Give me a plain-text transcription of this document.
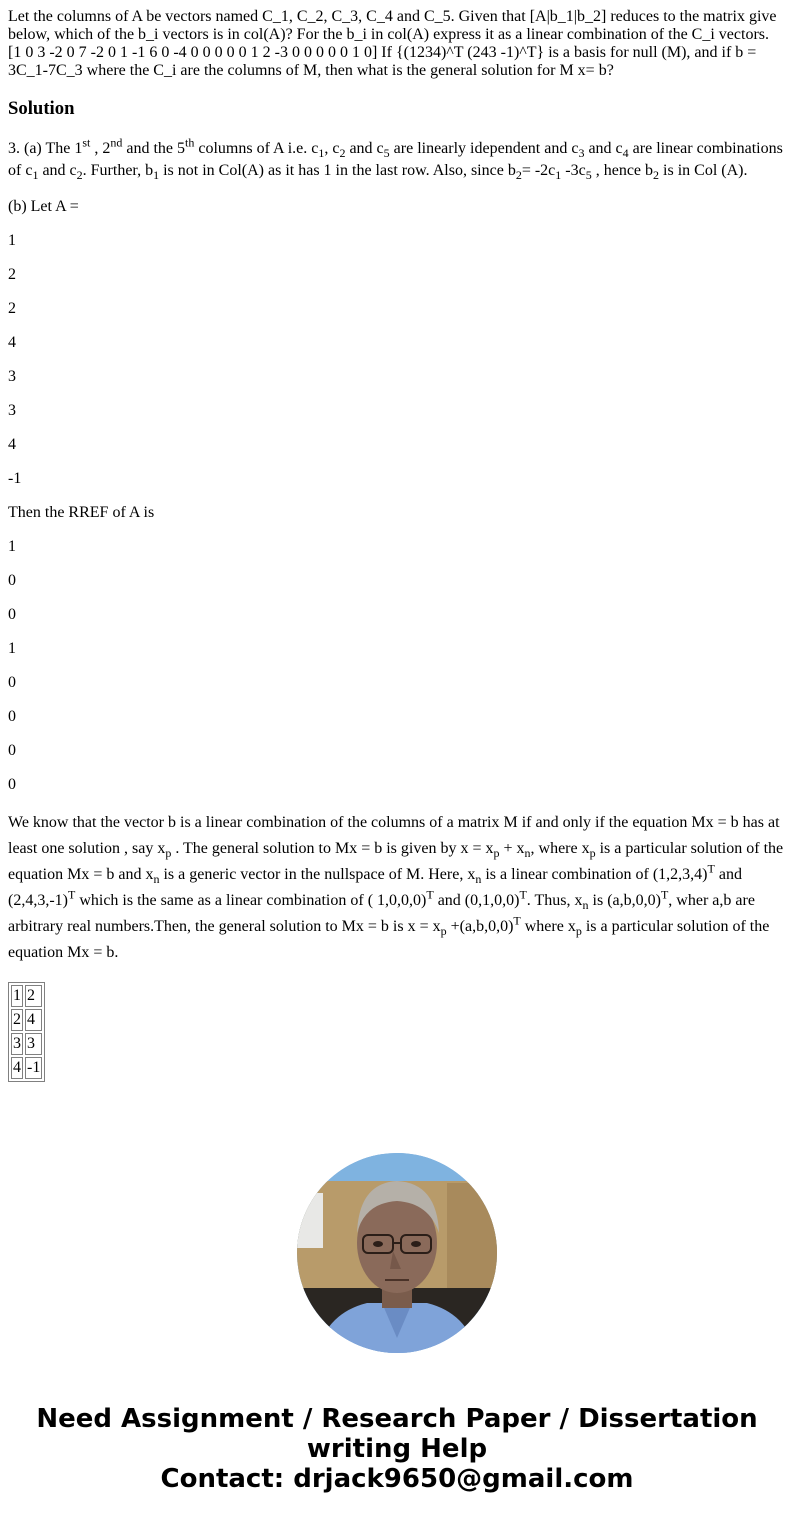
Let the columns of A be vectors named C_1, C_2, C_3, C_4 and C_5. Given that [A|b_1|b_2] reduces to the matrix give below, which of the b_i vectors is in col(A)? For the b_i in col(A) express it as a linear combination of the C_i vectors. [1 0 3 -2 0 7 -2 0 1 -1 6 0 -4 0 0 0 0 0 1 2 -3 0 0 0 0 0 1 0] If {(1234)^T (243 -1)^T} is a basis for null (M), and if b = 3C_1-7C_3 where the C_i are the columns of M, then what is the general solution for M x= b?
Solution

3. (a) The 1st , 2nd and the 5th columns of A i.e. $c_1$, $c_2$ and $c_5$ are linearly idependent and $c_3$ and $c_4$ are linear combinations of $c_1$ and $c_2$. Further, $b_1$ is not in Col(A) as it has 1 in the last row. Also, since $b_2= -2c_1$ $-3c_5$ , hence $b_2$ is in Col (A).

(b) Let A =

1

2

2

4

3

3

4

-1

Then the RREF of A is

1

0

0

1

0

0

0

0

We know that the vector b is a linear combination of the columns of a matrix M if and only if the equation Mx = b has at least one solution , say $x_p$ . The general solution to Mx = b is given by $x = x_p + x_n$, where $x_p$ is a particular solution of the equation Mx = b and $x_n$ is a generic vector in the nullspace of M. Here, $x_n$ is a linear combination of $(1,2,3,4)^T$ and $(2,4,3,-1)^T$ which is the same as a linear combination of ( 1,0,0,0)$^T$ and $(0,1,0,0)^T$. Thus, $x_n$ is $(a,b,0,0)^T$, wher a,b are arbitrary real numbers.Then, the general solution to Mx = b is $x = x_p +(a,b,0,0)^T$ where $x_p$ is a particular solution of the equation Mx = b.

1	2
2	4
3	3
4	-1
Need Assignment / Research Paper / Dissertation
writing Help
Contact: drjack9650@gmail.com
